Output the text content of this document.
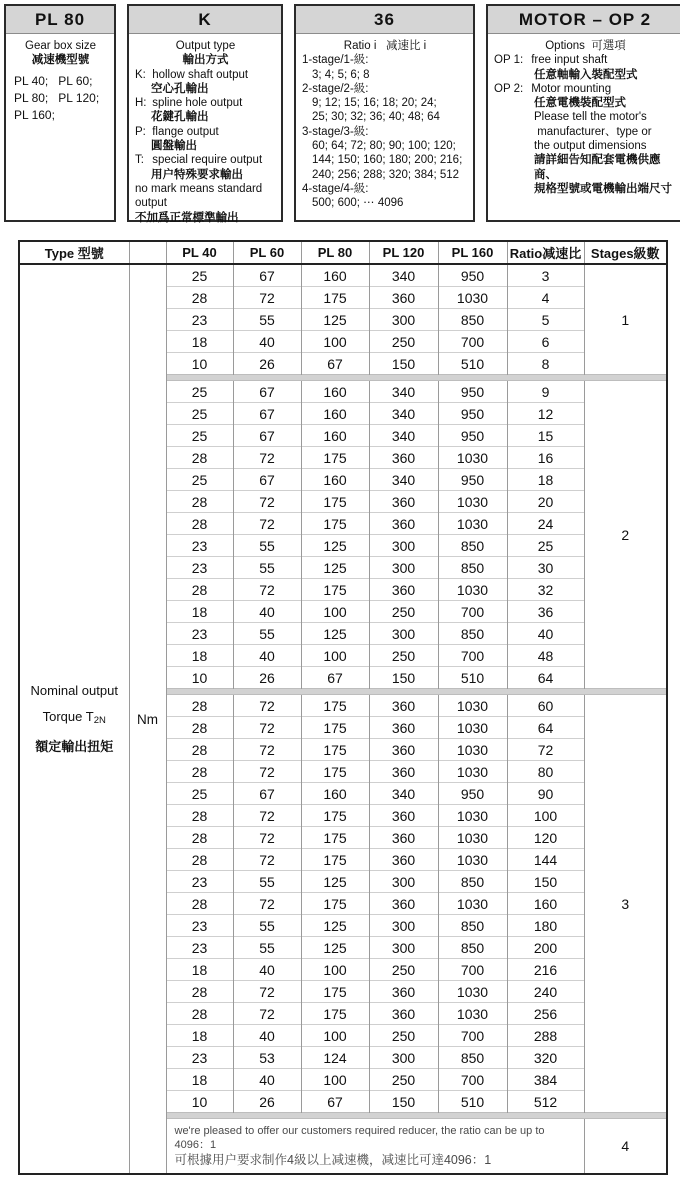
PL 80
Gear box size
减速機型號
PL 40;   PL 60;
PL 80;   PL 120;
PL 160;
K
Output type
輸出方式
K: hollow shaft output
空心孔輸出
H: spline hole output
花鍵孔輸出
P: flange output
圓盤輸出
T: special require output
用户特殊要求輸出
no mark means standard output
不加爲正常標準輸出
36
Ratio i   减速比 i
1-stage/1-級:
3; 4; 5; 6; 8
2-stage/2-級:
9; 12; 15; 16; 18; 20; 24;
25; 30; 32; 36; 40; 48; 64
3-stage/3-級:
60; 64; 72; 80; 90; 100; 120;
144; 150; 160; 180; 200; 216;
240; 256; 288; 320; 384; 512
4-stage/4-級:
500; 600; ⋯ 4096
MOTOR – OP 2
Options  可選項
OP 1: free input shaft
任意軸輸入裝配型式
OP 2: Motor mounting
任意電機裝配型式
Please tell the motor's
manufacturer、type or
the output dimensions
請詳細告知配套電機供應商、
規格型號或電機輸出端尺寸
Type 型號		PL 40	PL 60	PL 80	PL 120	PL 160	Ratio减速比	Stages級數

Nominal output
Torque T2N
額定輸出扭矩	Nm	25	67	160	340	950	3	1
		28	72	175	360	1030	4	
		23	55	125	300	850	5	
		18	40	100	250	700	6	
		10	26	67	150	510	8	

		25	67	160	340	950	9	2
		25	67	160	340	950	12	
		25	67	160	340	950	15	
		28	72	175	360	1030	16	
		25	67	160	340	950	18	
		28	72	175	360	1030	20	
		28	72	175	360	1030	24	
		23	55	125	300	850	25	
		23	55	125	300	850	30	
		28	72	175	360	1030	32	
		18	40	100	250	700	36	
		23	55	125	300	850	40	
		18	40	100	250	700	48	
		10	26	67	150	510	64	

		28	72	175	360	1030	60	3
		28	72	175	360	1030	64	
		28	72	175	360	1030	72	
		28	72	175	360	1030	80	
		25	67	160	340	950	90	
		28	72	175	360	1030	100	
		28	72	175	360	1030	120	
		28	72	175	360	1030	144	
		23	55	125	300	850	150	
		28	72	175	360	1030	160	
		23	55	125	300	850	180	
		23	55	125	300	850	200	
		18	40	100	250	700	216	
		28	72	175	360	1030	240	
		28	72	175	360	1030	256	
		18	40	100	250	700	288	
		23	53	124	300	850	320	
		18	40	100	250	700	384	
		10	26	67	150	510	512	

		we're pleased to offer our customers required reducer, the ratio can be up to 4096：1
可根據用户要求制作4級以上减速機，减速比可達4096：1						4
